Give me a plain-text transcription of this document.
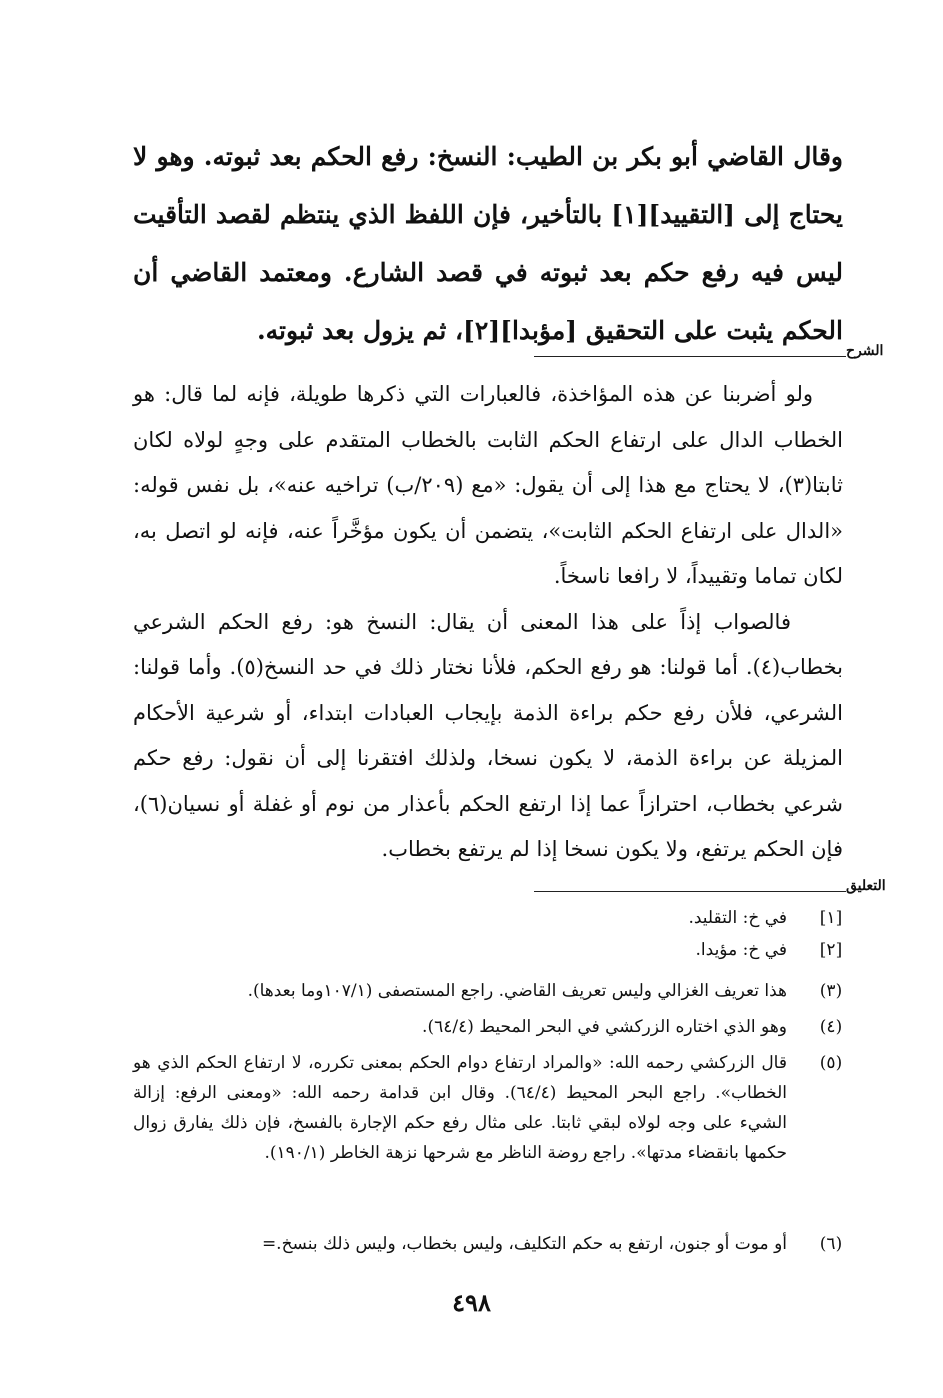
وقال القاضي أبو بكر بن الطيب: النسخ: رفع الحكم بعد ثبوته. وهو لا يحتاج إلى [التقييد][١] بالتأخير، فإن اللفظ الذي ينتظم لقصد التأقيت ليس فيه رفع حكم بعد ثبوته في قصد الشارع. ومعتمد القاضي أن الحكم يثبت على التحقيق [مؤبدا][٢]، ثم يزول بعد ثبوته.
الشرح

ولو أضربنا عن هذه المؤاخذة، فالعبارات التي ذكرها طويلة، فإنه لما قال: هو الخطاب الدال على ارتفاع الحكم الثابت بالخطاب المتقدم على وجهٍ لولاه لكان ثابتا(٣)، لا يحتاج مع هذا إلى أن يقول: «مع (٢٠٩/ب) تراخيه عنه»، بل نفس قوله: «الدال على ارتفاع الحكم الثابت»، يتضمن أن يكون مؤخَّراً عنه، فإنه لو اتصل به، لكان تماما وتقييداً، لا رافعا ناسخاً.

فالصواب إذاً على هذا المعنى أن يقال: النسخ هو: رفع الحكم الشرعي بخطاب(٤). أما قولنا: هو رفع الحكم، فلأنا نختار ذلك في حد النسخ(٥). وأما قولنا: الشرعي، فلأن رفع حكم براءة الذمة بإيجاب العبادات ابتداء، أو شرعية الأحكام المزيلة عن براءة الذمة، لا يكون نسخا، ولذلك افتقرنا إلى أن نقول: رفع حكم شرعي بخطاب، احترازاً عما إذا ارتفع الحكم بأعذار من نوم أو غفلة أو نسيان(٦)، فإن الحكم يرتفع، ولا يكون نسخا إذا لم يرتفع بخطاب.

التعليق
[١]
في خ: التقليد.
[٢]
في خ: مؤيدا.
(٣)
هذا تعريف الغزالي وليس تعريف القاضي. راجع المستصفى (١٠٧/١وما بعدها).
(٤)
وهو الذي اختاره الزركشي في البحر المحيط (٦٤/٤).
(٥)
قال الزركشي رحمه الله: «والمراد ارتفاع دوام الحكم بمعنى تكرره، لا ارتفاع الحكم الذي هو الخطاب». راجع البحر المحيط (٦٤/٤). وقال ابن قدامة رحمه الله: «ومعنى الرفع: إزالة الشيء على وجه لولاه لبقي ثابتا. على مثال رفع حكم الإجارة بالفسخ، فإن ذلك يفارق زوال حكمها بانقضاء مدتها». راجع روضة الناظر مع شرحها نزهة الخاطر (١٩٠/١).
(٦)
أو موت أو جنون، ارتفع به حكم التكليف، وليس بخطاب، وليس ذلك بنسخ.=
٤٩٨
